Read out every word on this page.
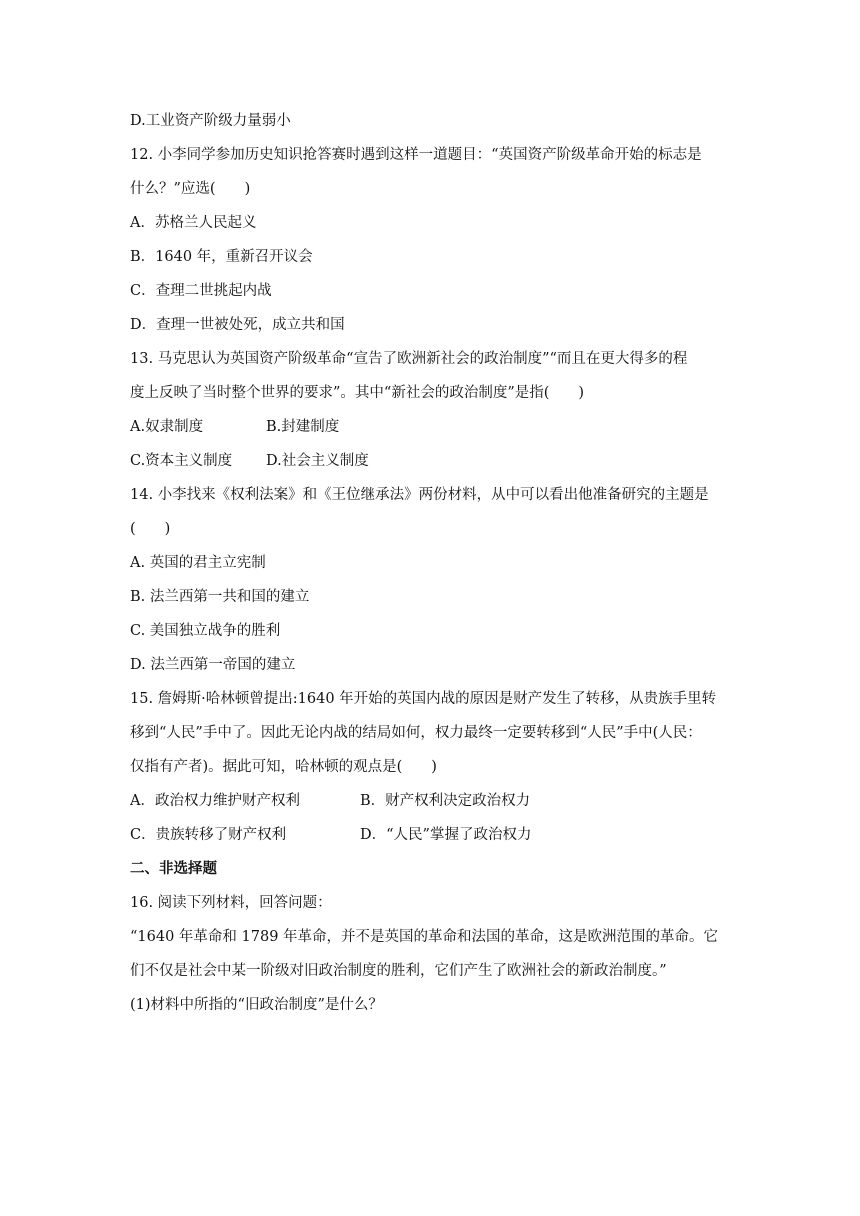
D.工业资产阶级力量弱小
12. 小李同学参加历史知识抢答赛时遇到这样一道题目：“英国资产阶级革命开始的标志是
什么？”应选(　　)
A．苏格兰人民起义
B．1640 年，重新召开议会
C．查理二世挑起内战
D．查理一世被处死，成立共和国
13. 马克思认为英国资产阶级革命“宣告了欧洲新社会的政治制度”“而且在更大得多的程
度上反映了当时整个世界的要求”。其中“新社会的政治制度”是指(　　)
A.奴隶制度	B.封建制度
C.资本主义制度 D.社会主义制度
14. 小李找来《权利法案》和《王位继承法》两份材料，从中可以看出他准备研究的主题是
(　　)
A. 英国的君主立宪制
B. 法兰西第一共和国的建立
C. 美国独立战争的胜利
D. 法兰西第一帝国的建立
15. 詹姆斯·哈林顿曾提出:1640 年开始的英国内战的原因是财产发生了转移，从贵族手里转
移到“人民”手中了。因此无论内战的结局如何，权力最终一定要转移到“人民”手中(人民：
仅指有产者)。据此可知，哈林顿的观点是(　　)
A．政治权力维护财产权利	B．财产权利决定政治权力
C．贵族转移了财产权利	D．“人民”掌握了政治权力
二、非选择题
16. 阅读下列材料，回答问题：
“1640 年革命和 1789 年革命，并不是英国的革命和法国的革命，这是欧洲范围的革命。它
们不仅是社会中某一阶级对旧政治制度的胜利，它们产生了欧洲社会的新政治制度。”
(1)材料中所指的“旧政治制度”是什么？
